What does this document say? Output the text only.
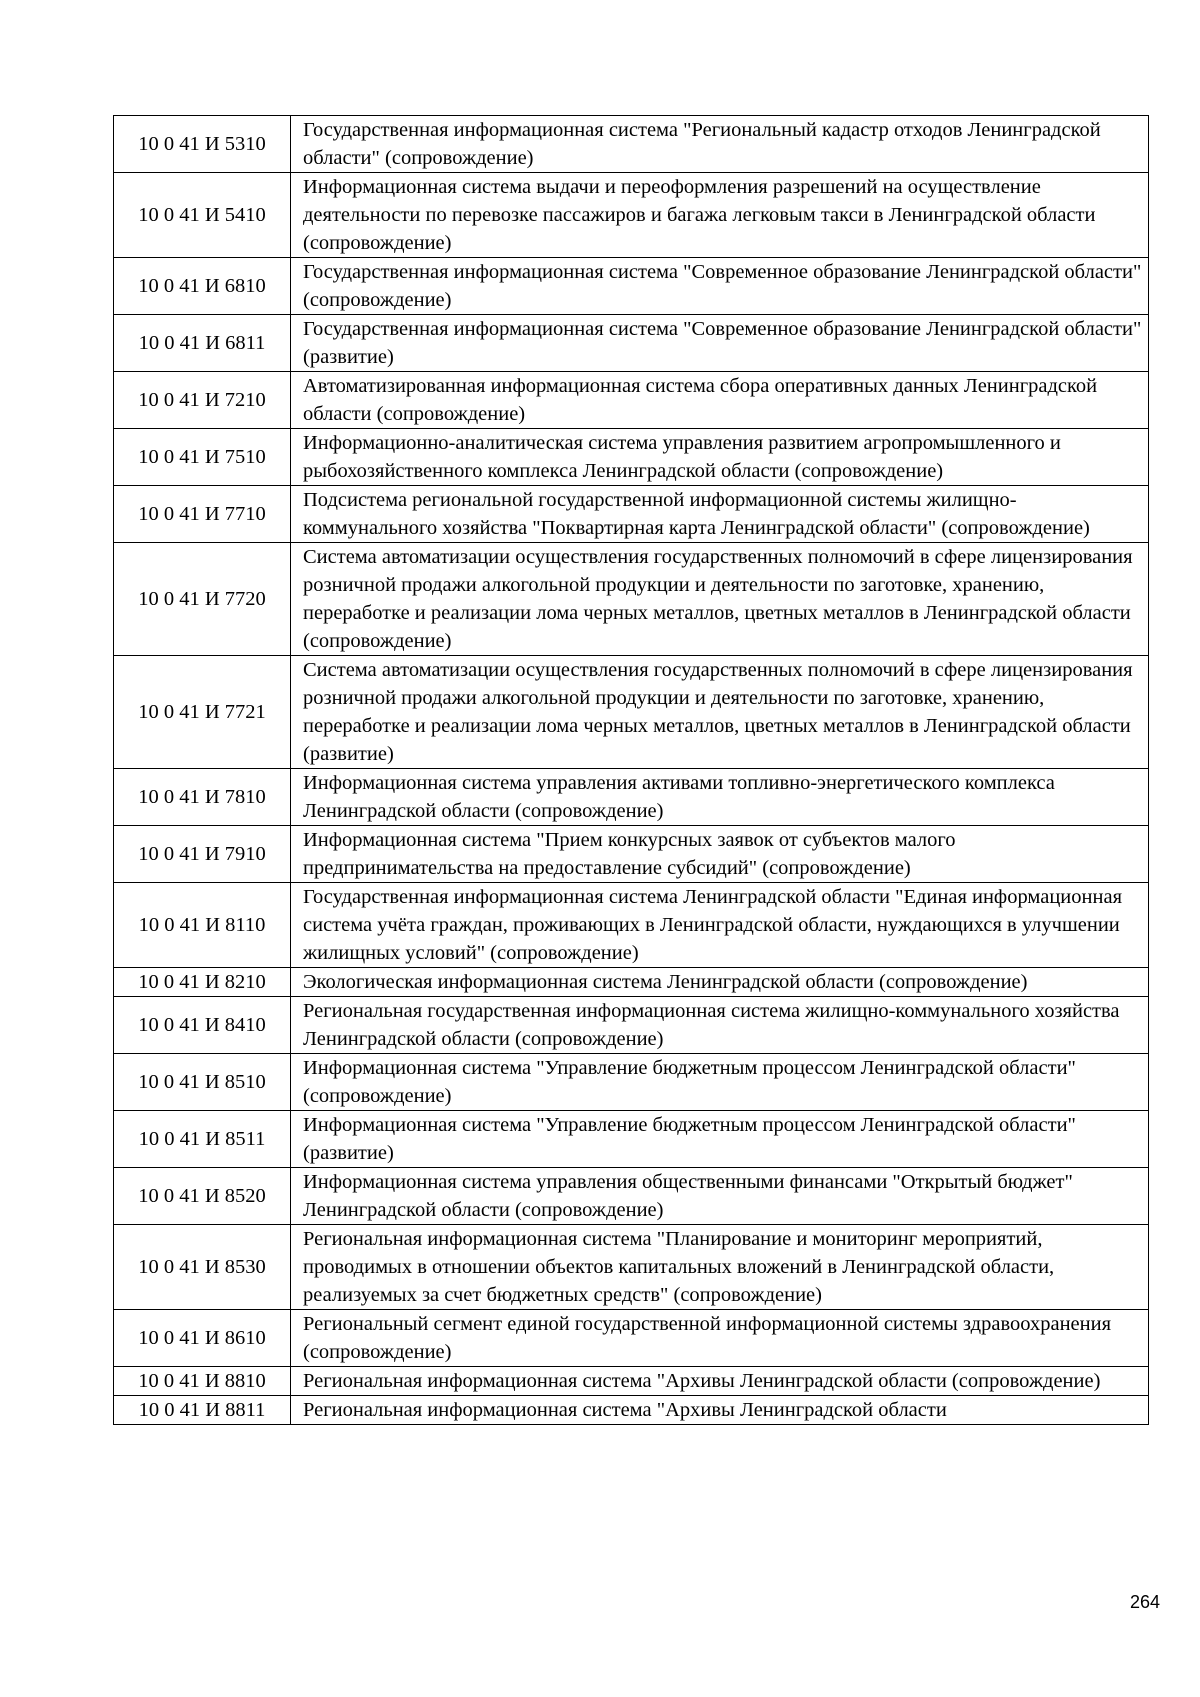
10 0 41 И 5310	Государственная информационная система "Региональный кадастр отходов Ленинградской области" (сопровождение)
10 0 41 И 5410	Информационная система выдачи и переоформления разрешений на осуществление деятельности по перевозке пассажиров и багажа легковым такси в Ленинградской области (сопровождение)
10 0 41 И 6810	Государственная информационная система "Современное образование Ленинградской области" (сопровождение)
10 0 41 И 6811	Государственная информационная система "Современное образование Ленинградской области" (развитие)
10 0 41 И 7210	Автоматизированная информационная система сбора оперативных данных Ленинградской области (сопровождение)
10 0 41 И 7510	Информационно-аналитическая система управления развитием агропромышленного и рыбохозяйственного комплекса Ленинградской области (сопровождение)
10 0 41 И 7710	Подсистема региональной государственной информационной системы жилищно-коммунального хозяйства "Поквартирная карта Ленинградской области" (сопровождение)
10 0 41 И 7720	Система автоматизации осуществления государственных полномочий в сфере лицензирования розничной продажи алкогольной продукции и деятельности по заготовке, хранению, переработке и реализации лома черных металлов, цветных металлов в Ленинградской области (сопровождение)
10 0 41 И 7721	Система автоматизации осуществления государственных полномочий в сфере лицензирования розничной продажи алкогольной продукции и деятельности по заготовке, хранению, переработке и реализации лома черных металлов, цветных металлов в Ленинградской области (развитие)
10 0 41 И 7810	Информационная система управления активами топливно-энергетического комплекса Ленинградской области (сопровождение)
10 0 41 И 7910	Информационная система "Прием конкурсных заявок от субъектов малого предпринимательства на предоставление субсидий" (сопровождение)
10 0 41 И 8110	Государственная информационная система Ленинградской области "Единая информационная система учёта граждан, проживающих в Ленинградской области, нуждающихся в улучшении жилищных условий" (сопровождение)
10 0 41 И 8210	Экологическая информационная система Ленинградской области (сопровождение)
10 0 41 И 8410	Региональная государственная информационная система жилищно-коммунального хозяйства Ленинградской области (сопровождение)
10 0 41 И 8510	Информационная система "Управление бюджетным процессом Ленинградской области" (сопровождение)
10 0 41 И 8511	Информационная система "Управление бюджетным процессом Ленинградской области" (развитие)
10 0 41 И 8520	Информационная система управления общественными финансами "Открытый бюджет" Ленинградской области (сопровождение)
10 0 41 И 8530	Региональная информационная система "Планирование и мониторинг мероприятий, проводимых в отношении объектов капитальных вложений в Ленинградской области, реализуемых за счет бюджетных средств" (сопровождение)
10 0 41 И 8610	Региональный сегмент единой государственной информационной системы здравоохранения (сопровождение)
10 0 41 И 8810	Региональная информационная система "Архивы Ленинградской области (сопровождение)
10 0 41 И 8811	Региональная информационная система "Архивы Ленинградской области
264
